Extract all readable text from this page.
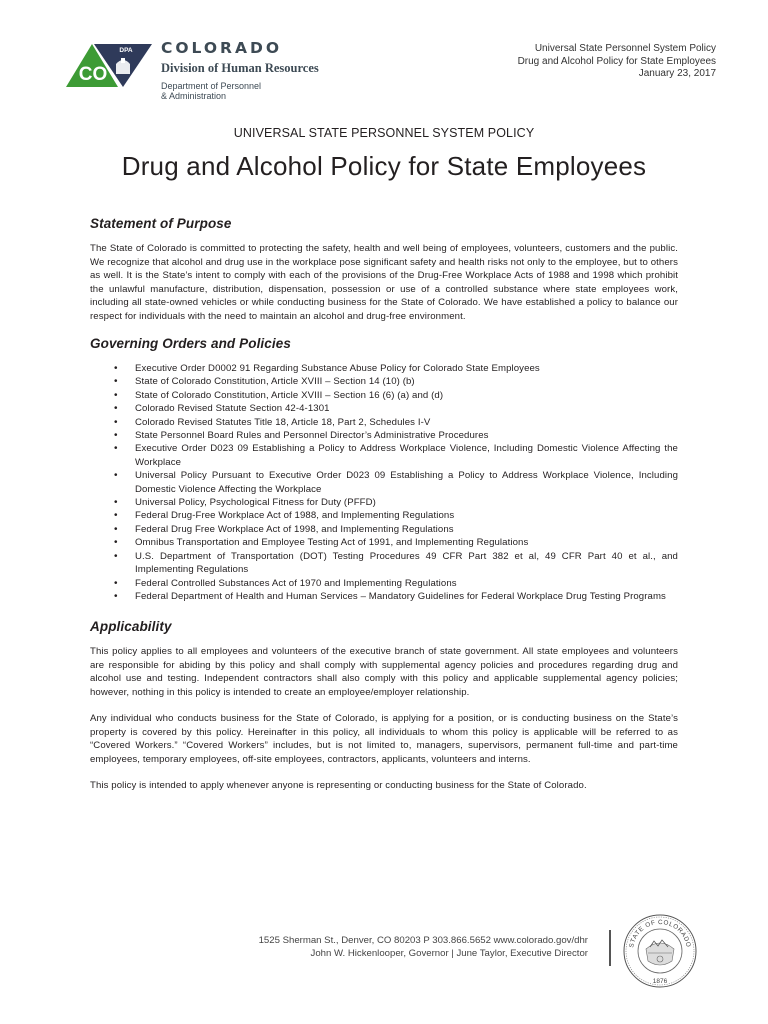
CO
DPA COLORADO
Division of Human Resources
Department of Personnel
& Administration
Universal State Personnel System Policy
Drug and Alcohol Policy for State Employees
January 23, 2017
UNIVERSAL STATE PERSONNEL SYSTEM POLICY
Drug and Alcohol Policy for State Employees
Statement of Purpose

The State of Colorado is committed to protecting the safety, health and well being of employees, volunteers, customers and the public. We recognize that alcohol and drug use in the workplace pose significant safety and health risks not only to the employee, but to others as well. It is the State’s intent to comply with each of the provisions of the Drug-Free Workplace Acts of 1988 and 1998 which prohibit the unlawful manufacture, distribution, dispensation, possession or use of a controlled substance where state employees work, including all state-owned vehicles or while conducting business for the State of Colorado. We have established a policy to balance our respect for individuals with the need to maintain an alcohol and drug-free environment.

Governing Orders and Policies
• Executive Order D0002 91 Regarding Substance Abuse Policy for Colorado State Employees
• State of Colorado Constitution, Article XVIII – Section 14 (10) (b)
• State of Colorado Constitution, Article XVIII – Section 16 (6) (a) and (d)
• Colorado Revised Statute Section 42-4-1301
• Colorado Revised Statutes Title 18, Article 18, Part 2, Schedules I-V
• State Personnel Board Rules and Personnel Director’s Administrative Procedures
• Executive Order D023 09 Establishing a Policy to Address Workplace Violence, Including Domestic Violence Affecting the Workplace
• Universal Policy Pursuant to Executive Order D023 09 Establishing a Policy to Address Workplace Violence, Including Domestic Violence Affecting the Workplace
• Universal Policy, Psychological Fitness for Duty (PFFD)
• Federal Drug-Free Workplace Act of 1988, and Implementing Regulations
• Federal Drug Free Workplace Act of 1998, and Implementing Regulations
• Omnibus Transportation and Employee Testing Act of 1991, and Implementing Regulations
• U.S. Department of Transportation (DOT) Testing Procedures 49 CFR Part 382 et al, 49 CFR Part 40 et al., and Implementing Regulations
• Federal Controlled Substances Act of 1970 and Implementing Regulations
• Federal Department of Health and Human Services – Mandatory Guidelines for Federal Workplace Drug Testing Programs
Applicability

This policy applies to all employees and volunteers of the executive branch of state government. All state employees and volunteers are responsible for abiding by this policy and shall comply with supplemental agency policies and procedures regarding drug and alcohol use and testing. Independent contractors shall also comply with this policy and applicable supplemental agency policies; however, nothing in this policy is intended to create an employee/employer relationship.

Any individual who conducts business for the State of Colorado, is applying for a position, or is conducting business on the State’s property is covered by this policy. Hereinafter in this policy, all individuals to whom this policy is applicable will be referred to as “Covered Workers.” “Covered Workers” includes, but is not limited to, managers, supervisors, permanent full-time and part-time employees, temporary employees, off-site employees, contractors, applicants, volunteers and interns.

This policy is intended to apply whenever anyone is representing or conducting business for the State of Colorado.

1525 Sherman St., Denver, CO 80203 P 303.866.5652 www.colorado.gov/dhr
John W. Hickenlooper, Governor | June Taylor, Executive Director
STATE OF COLORADO
1876
